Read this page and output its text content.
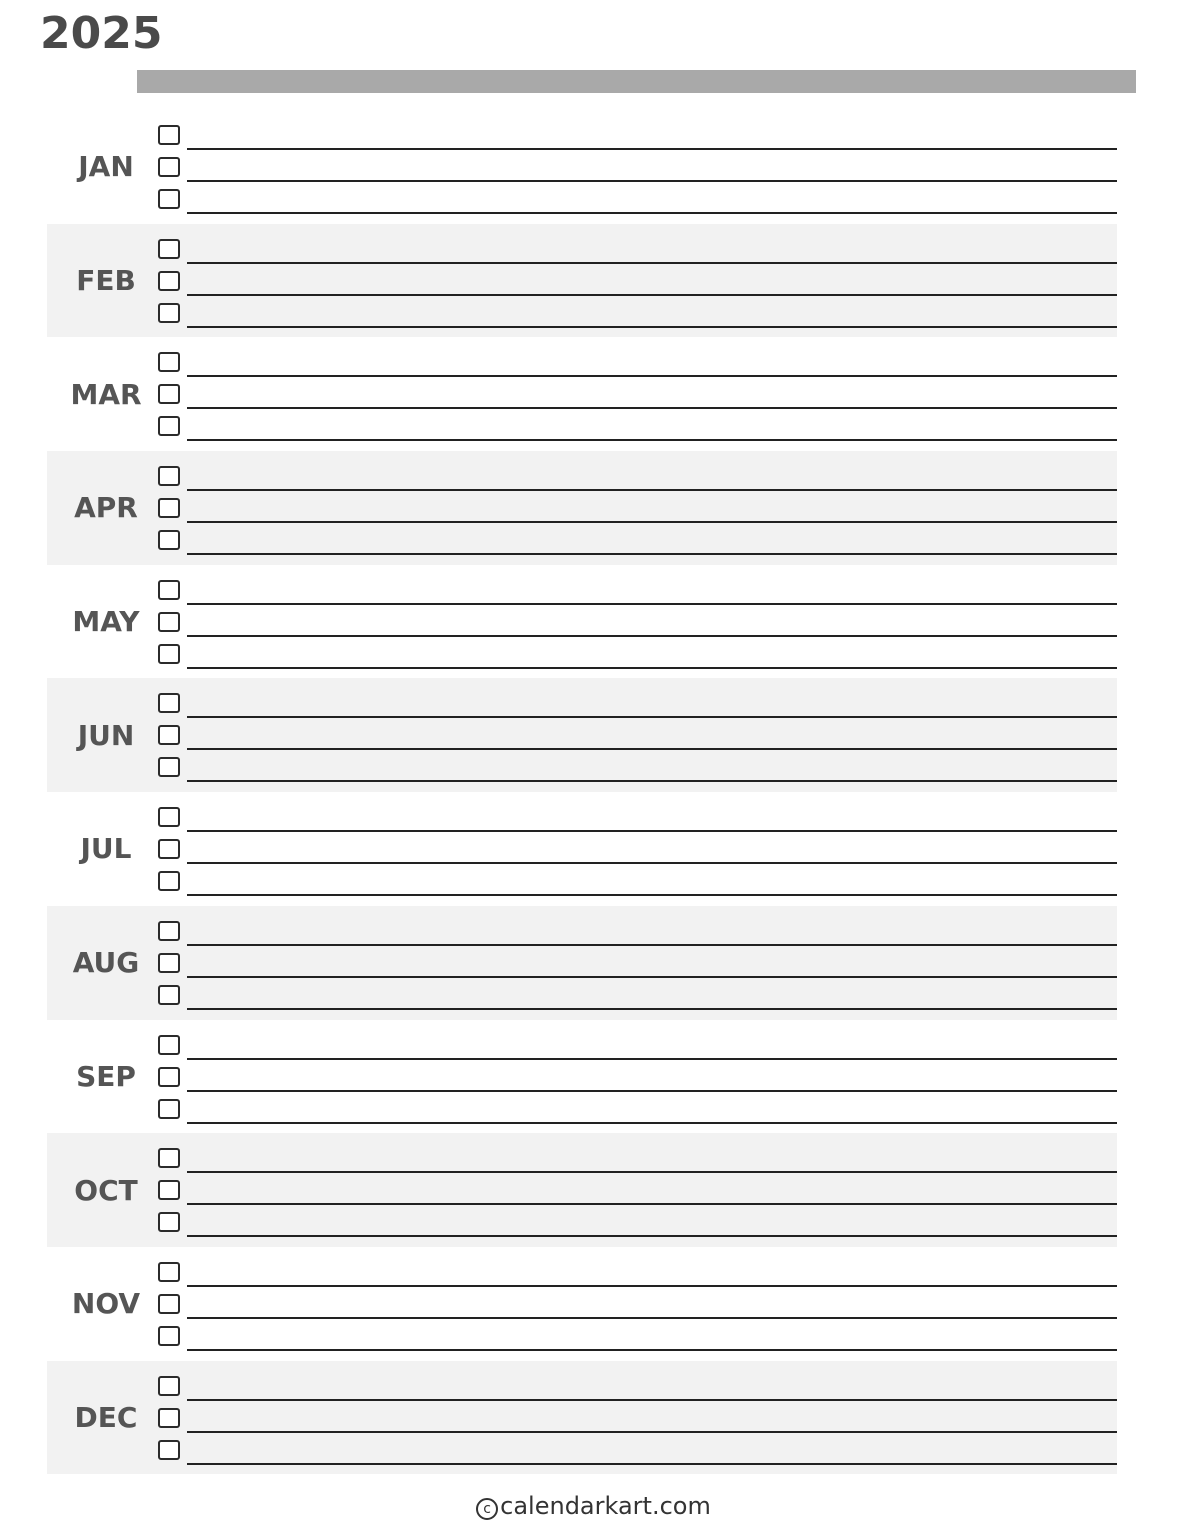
2025
JAN
FEB
MAR
APR
MAY
JUN
JUL
AUG
SEP
OCT
NOV
DEC
c calendarkart.com
